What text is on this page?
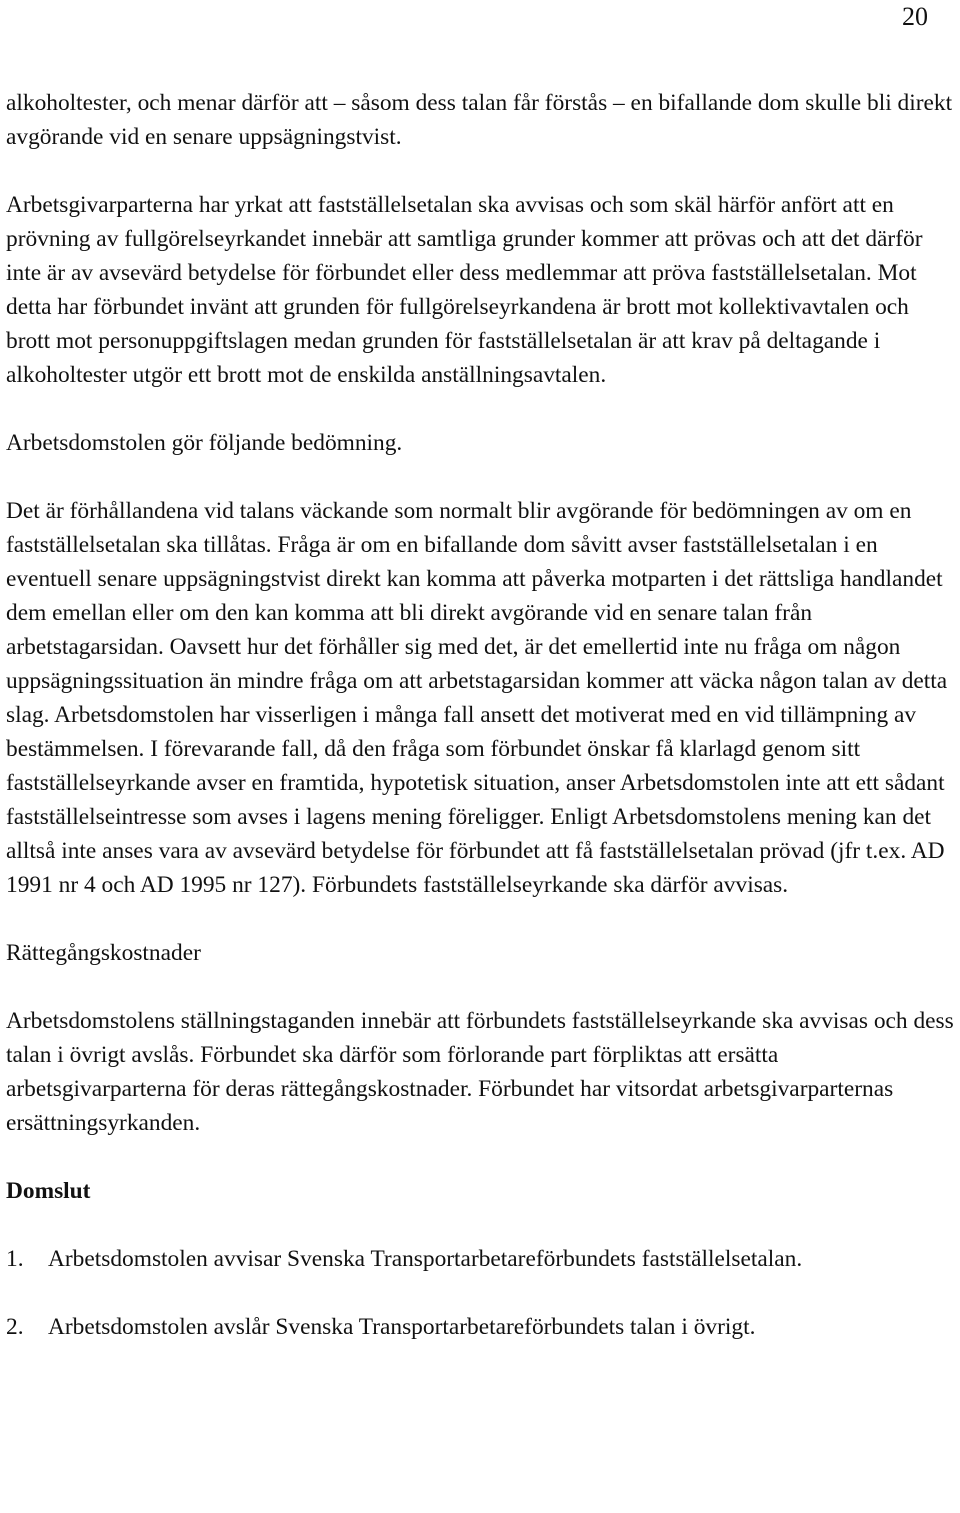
20

alkoholtester, och menar därför att – såsom dess talan får förstås – en bifallande dom skulle bli direkt avgörande vid en senare uppsägningstvist.

Arbetsgivarparterna har yrkat att fastställelsetalan ska avvisas och som skäl härför anfört att en prövning av fullgörelseyrkandet innebär att samtliga grunder kommer att prövas och att det därför inte är av avsevärd betydelse för förbundet eller dess medlemmar att pröva fastställelsetalan. Mot detta har förbundet invänt att grunden för fullgörelseyrkandena är brott mot kollektivavtalen och brott mot personuppgiftslagen medan grunden för fastställelsetalan är att krav på deltagande i alkoholtester utgör ett brott mot de enskilda anställningsavtalen.

Arbetsdomstolen gör följande bedömning.

Det är förhållandena vid talans väckande som normalt blir avgörande för bedömningen av om en fastställelsetalan ska tillåtas. Fråga är om en bifallande dom såvitt avser fastställelsetalan i en eventuell senare uppsägningstvist direkt kan komma att påverka motparten i det rättsliga handlandet dem emellan eller om den kan komma att bli direkt avgörande vid en senare talan från arbetstagarsidan. Oavsett hur det förhåller sig med det, är det emellertid inte nu fråga om någon uppsägningssituation än mindre fråga om att arbetstagarsidan kommer att väcka någon talan av detta slag. Arbetsdomstolen har visserligen i många fall ansett det motiverat med en vid tillämpning av bestämmelsen. I förevarande fall, då den fråga som förbundet önskar få klarlagd genom sitt fastställelseyrkande avser en framtida, hypotetisk situation, anser Arbetsdomstolen inte att ett sådant fastställelseintresse som avses i lagens mening föreligger. Enligt Arbetsdomstolens mening kan det alltså inte anses vara av avsevärd betydelse för förbundet att få fastställelsetalan prövad (jfr t.ex. AD 1991 nr 4 och AD 1995 nr 127). Förbundets fastställelseyrkande ska därför avvisas.

Rättegångskostnader

Arbetsdomstolens ställningstaganden innebär att förbundets fastställelseyrkande ska avvisas och dess talan i övrigt avslås. Förbundet ska därför som förlorande part förpliktas att ersätta arbetsgivarparterna för deras rättegångskostnader. Förbundet har vitsordat arbetsgivarparternas ersättningsyrkanden.

Domslut
1.	Arbetsdomstolen avvisar Svenska Transportarbetareförbundets fastställelsetalan.
2.	Arbetsdomstolen avslår Svenska Transportarbetareförbundets talan i övrigt.
